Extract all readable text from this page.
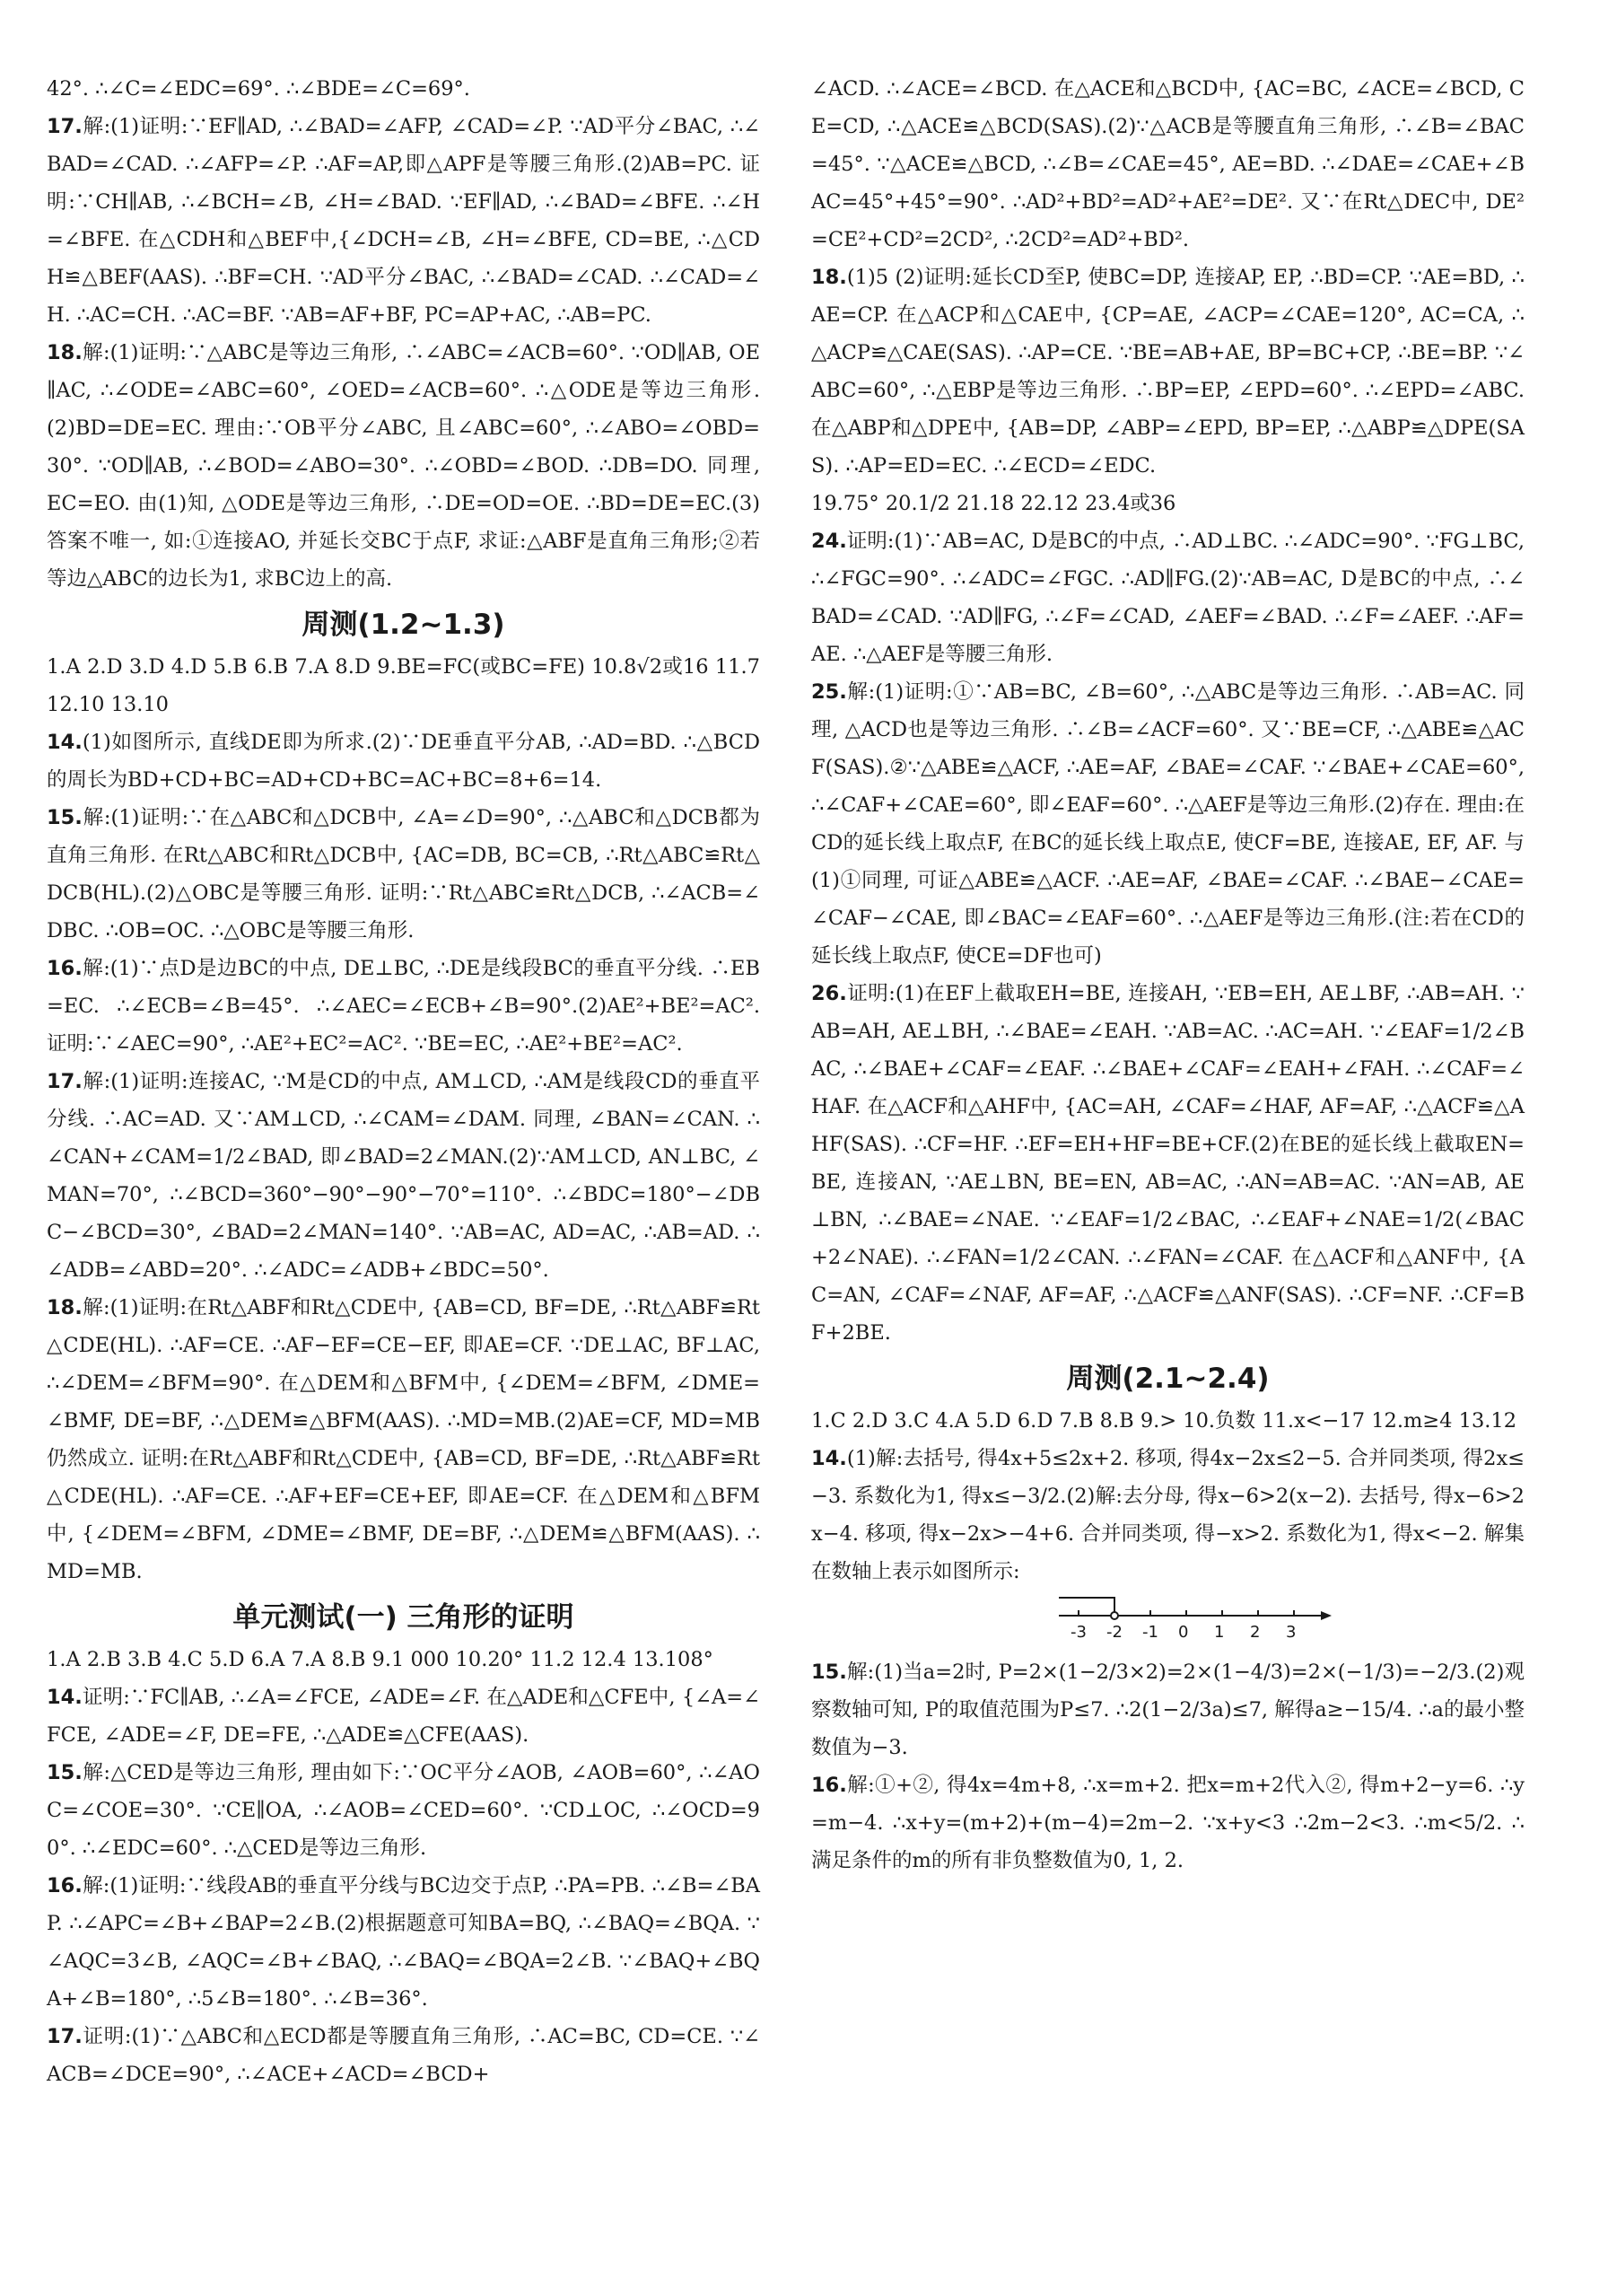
42°. ∴∠C=∠EDC=69°. ∴∠BDE=∠C=69°.

17.解:(1)证明:∵EF∥AD, ∴∠BAD=∠AFP, ∠CAD=∠P. ∵AD平分∠BAC, ∴∠BAD=∠CAD. ∴∠AFP=∠P. ∴AF=AP,即△APF是等腰三角形.(2)AB=PC. 证明:∵CH∥AB, ∴∠BCH=∠B, ∠H=∠BAD. ∵EF∥AD, ∴∠BAD=∠BFE. ∴∠H=∠BFE. 在△CDH和△BEF中,{∠DCH=∠B, ∠H=∠BFE, CD=BE, ∴△CDH≌△BEF(AAS). ∴BF=CH. ∵AD平分∠BAC, ∴∠BAD=∠CAD. ∴∠CAD=∠H. ∴AC=CH. ∴AC=BF. ∵AB=AF+BF, PC=AP+AC, ∴AB=PC.

18.解:(1)证明:∵△ABC是等边三角形, ∴∠ABC=∠ACB=60°. ∵OD∥AB, OE∥AC, ∴∠ODE=∠ABC=60°, ∠OED=∠ACB=60°. ∴△ODE是等边三角形.(2)BD=DE=EC. 理由:∵OB平分∠ABC, 且∠ABC=60°, ∴∠ABO=∠OBD=30°. ∵OD∥AB, ∴∠BOD=∠ABO=30°. ∴∠OBD=∠BOD. ∴DB=DO. 同理, EC=EO. 由(1)知, △ODE是等边三角形, ∴DE=OD=OE. ∴BD=DE=EC.(3)答案不唯一, 如:①连接AO, 并延长交BC于点F, 求证:△ABF是直角三角形;②若等边△ABC的边长为1, 求BC边上的高.

周测(1.2~1.3)

1.A 2.D 3.D 4.D 5.B 6.B 7.A 8.D 9.BE=FC(或BC=FE) 10.8√2或16 11.7 12.10 13.10

14.(1)如图所示, 直线DE即为所求.(2)∵DE垂直平分AB, ∴AD=BD. ∴△BCD的周长为BD+CD+BC=AD+CD+BC=AC+BC=8+6=14.

15.解:(1)证明:∵在△ABC和△DCB中, ∠A=∠D=90°, ∴△ABC和△DCB都为直角三角形. 在Rt△ABC和Rt△DCB中, {AC=DB, BC=CB, ∴Rt△ABC≌Rt△DCB(HL).(2)△OBC是等腰三角形. 证明:∵Rt△ABC≌Rt△DCB, ∴∠ACB=∠DBC. ∴OB=OC. ∴△OBC是等腰三角形.

16.解:(1)∵点D是边BC的中点, DE⊥BC, ∴DE是线段BC的垂直平分线. ∴EB=EC. ∴∠ECB=∠B=45°. ∴∠AEC=∠ECB+∠B=90°.(2)AE²+BE²=AC². 证明:∵∠AEC=90°, ∴AE²+EC²=AC². ∵BE=EC, ∴AE²+BE²=AC².

17.解:(1)证明:连接AC, ∵M是CD的中点, AM⊥CD, ∴AM是线段CD的垂直平分线. ∴AC=AD. 又∵AM⊥CD, ∴∠CAM=∠DAM. 同理, ∠BAN=∠CAN. ∴∠CAN+∠CAM=1/2∠BAD, 即∠BAD=2∠MAN.(2)∵AM⊥CD, AN⊥BC, ∠MAN=70°, ∴∠BCD=360°−90°−90°−70°=110°. ∴∠BDC=180°−∠DBC−∠BCD=30°, ∠BAD=2∠MAN=140°. ∵AB=AC, AD=AC, ∴AB=AD. ∴∠ADB=∠ABD=20°. ∴∠ADC=∠ADB+∠BDC=50°.

18.解:(1)证明:在Rt△ABF和Rt△CDE中, {AB=CD, BF=DE, ∴Rt△ABF≌Rt△CDE(HL). ∴AF=CE. ∴AF−EF=CE−EF, 即AE=CF. ∵DE⊥AC, BF⊥AC, ∴∠DEM=∠BFM=90°. 在△DEM和△BFM中, {∠DEM=∠BFM, ∠DME=∠BMF, DE=BF, ∴△DEM≌△BFM(AAS). ∴MD=MB.(2)AE=CF, MD=MB仍然成立. 证明:在Rt△ABF和Rt△CDE中, {AB=CD, BF=DE, ∴Rt△ABF≌Rt△CDE(HL). ∴AF=CE. ∴AF+EF=CE+EF, 即AE=CF. 在△DEM和△BFM中, {∠DEM=∠BFM, ∠DME=∠BMF, DE=BF, ∴△DEM≌△BFM(AAS). ∴MD=MB.

单元测试(一) 三角形的证明

1.A 2.B 3.B 4.C 5.D 6.A 7.A 8.B 9.1 000 10.20° 11.2 12.4 13.108°

14.证明:∵FC∥AB, ∴∠A=∠FCE, ∠ADE=∠F. 在△ADE和△CFE中, {∠A=∠FCE, ∠ADE=∠F, DE=FE, ∴△ADE≌△CFE(AAS).

15.解:△CED是等边三角形, 理由如下:∵OC平分∠AOB, ∠AOB=60°, ∴∠AOC=∠COE=30°. ∵CE∥OA, ∴∠AOB=∠CED=60°. ∵CD⊥OC, ∴∠OCD=90°. ∴∠EDC=60°. ∴△CED是等边三角形.

16.解:(1)证明:∵线段AB的垂直平分线与BC边交于点P, ∴PA=PB. ∴∠B=∠BAP. ∴∠APC=∠B+∠BAP=2∠B.(2)根据题意可知BA=BQ, ∴∠BAQ=∠BQA. ∵∠AQC=3∠B, ∠AQC=∠B+∠BAQ, ∴∠BAQ=∠BQA=2∠B. ∵∠BAQ+∠BQA+∠B=180°, ∴5∠B=180°. ∴∠B=36°.

17.证明:(1)∵△ABC和△ECD都是等腰直角三角形, ∴AC=BC, CD=CE. ∵∠ACB=∠DCE=90°, ∴∠ACE+∠ACD=∠BCD+

∠ACD. ∴∠ACE=∠BCD. 在△ACE和△BCD中, {AC=BC, ∠ACE=∠BCD, CE=CD, ∴△ACE≌△BCD(SAS).(2)∵△ACB是等腰直角三角形, ∴∠B=∠BAC=45°. ∵△ACE≌△BCD, ∴∠B=∠CAE=45°, AE=BD. ∴∠DAE=∠CAE+∠BAC=45°+45°=90°. ∴AD²+BD²=AD²+AE²=DE². 又∵在Rt△DEC中, DE²=CE²+CD²=2CD², ∴2CD²=AD²+BD².

18.(1)5 (2)证明:延长CD至P, 使BC=DP, 连接AP, EP, ∴BD=CP. ∵AE=BD, ∴AE=CP. 在△ACP和△CAE中, {CP=AE, ∠ACP=∠CAE=120°, AC=CA, ∴△ACP≌△CAE(SAS). ∴AP=CE. ∵BE=AB+AE, BP=BC+CP, ∴BE=BP. ∵∠ABC=60°, ∴△EBP是等边三角形. ∴BP=EP, ∠EPD=60°. ∴∠EPD=∠ABC. 在△ABP和△DPE中, {AB=DP, ∠ABP=∠EPD, BP=EP, ∴△ABP≌△DPE(SAS). ∴AP=ED=EC. ∴∠ECD=∠EDC.

19.75° 20.1/2 21.18 22.12 23.4或36

24.证明:(1)∵AB=AC, D是BC的中点, ∴AD⊥BC. ∴∠ADC=90°. ∵FG⊥BC, ∴∠FGC=90°. ∴∠ADC=∠FGC. ∴AD∥FG.(2)∵AB=AC, D是BC的中点, ∴∠BAD=∠CAD. ∵AD∥FG, ∴∠F=∠CAD, ∠AEF=∠BAD. ∴∠F=∠AEF. ∴AF=AE. ∴△AEF是等腰三角形.

25.解:(1)证明:①∵AB=BC, ∠B=60°, ∴△ABC是等边三角形. ∴AB=AC. 同理, △ACD也是等边三角形. ∴∠B=∠ACF=60°. 又∵BE=CF, ∴△ABE≌△ACF(SAS).②∵△ABE≌△ACF, ∴AE=AF, ∠BAE=∠CAF. ∵∠BAE+∠CAE=60°, ∴∠CAF+∠CAE=60°, 即∠EAF=60°. ∴△AEF是等边三角形.(2)存在. 理由:在CD的延长线上取点F, 在BC的延长线上取点E, 使CF=BE, 连接AE, EF, AF. 与(1)①同理, 可证△ABE≌△ACF. ∴AE=AF, ∠BAE=∠CAF. ∴∠BAE−∠CAE=∠CAF−∠CAE, 即∠BAC=∠EAF=60°. ∴△AEF是等边三角形.(注:若在CD的延长线上取点F, 使CE=DF也可)

26.证明:(1)在EF上截取EH=BE, 连接AH, ∵EB=EH, AE⊥BF, ∴AB=AH. ∵AB=AH, AE⊥BH, ∴∠BAE=∠EAH. ∵AB=AC. ∴AC=AH. ∵∠EAF=1/2∠BAC, ∴∠BAE+∠CAF=∠EAF. ∴∠BAE+∠CAF=∠EAH+∠FAH. ∴∠CAF=∠HAF. 在△ACF和△AHF中, {AC=AH, ∠CAF=∠HAF, AF=AF, ∴△ACF≌△AHF(SAS). ∴CF=HF. ∴EF=EH+HF=BE+CF.(2)在BE的延长线上截取EN=BE, 连接AN, ∵AE⊥BN, BE=EN, AB=AC, ∴AN=AB=AC. ∵AN=AB, AE⊥BN, ∴∠BAE=∠NAE. ∵∠EAF=1/2∠BAC, ∴∠EAF+∠NAE=1/2(∠BAC+2∠NAE). ∴∠FAN=1/2∠CAN. ∴∠FAN=∠CAF. 在△ACF和△ANF中, {AC=AN, ∠CAF=∠NAF, AF=AF, ∴△ACF≌△ANF(SAS). ∴CF=NF. ∴CF=BF+2BE.

周测(2.1~2.4)

1.C 2.D 3.C 4.A 5.D 6.D 7.B 8.B 9.> 10.负数 11.x<−17 12.m≥4 13.12

14.(1)解:去括号, 得4x+5≤2x+2. 移项, 得4x−2x≤2−5. 合并同类项, 得2x≤−3. 系数化为1, 得x≤−3/2.(2)解:去分母, 得x−6>2(x−2). 去括号, 得x−6>2x−4. 移项, 得x−2x>−4+6. 合并同类项, 得−x>2. 系数化为1, 得x<−2. 解集在数轴上表示如图所示:

-3 -2 -1 0 1 2 3

15.解:(1)当a=2时, P=2×(1−2/3×2)=2×(1−4/3)=2×(−1/3)=−2/3.(2)观察数轴可知, P的取值范围为P≤7. ∴2(1−2/3a)≤7, 解得a≥−15/4. ∴a的最小整数值为−3.

16.解:①+②, 得4x=4m+8, ∴x=m+2. 把x=m+2代入②, 得m+2−y=6. ∴y=m−4. ∴x+y=(m+2)+(m−4)=2m−2. ∵x+y<3 ∴2m−2<3. ∴m<5/2. ∴满足条件的m的所有非负整数值为0, 1, 2.
